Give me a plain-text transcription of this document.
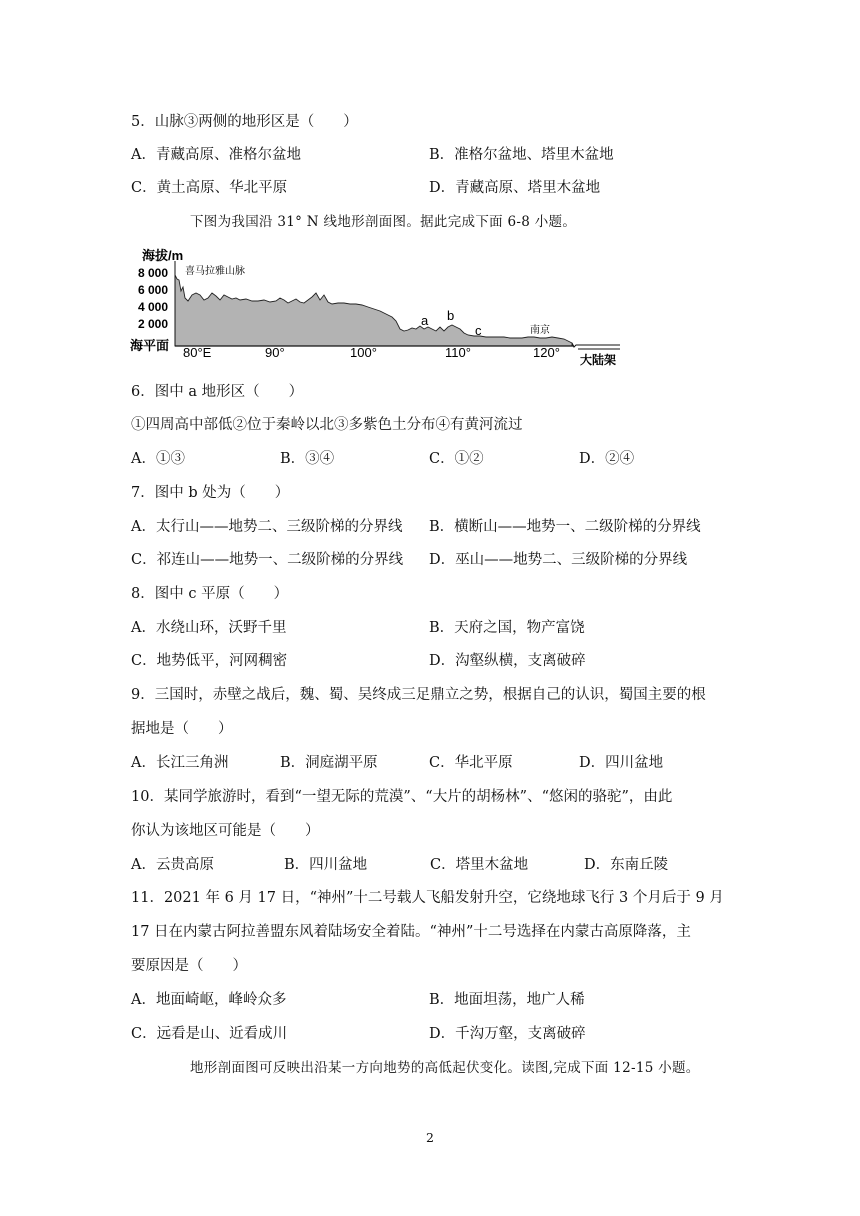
5．山脉③两侧的地形区是（　　）
A．青藏高原、准格尔盆地	B．准格尔盆地、塔里木盆地
C．黄土高原、华北平原	D．青藏高原、塔里木盆地
下图为我国沿 31° N 线地形剖面图。据此完成下面 6-8 小题。
海拔/m
8 000
6 000
4 000
2 000
海平面 80°E	90°	100°	110°	120°
喜马拉雅山脉
a b
c	南京
大陆架
6．图中 a 地形区（　　）
①四周高中部低②位于秦岭以北③多紫色土分布④有黄河流过
A．①③	B．③④	C．①②	D．②④
7．图中 b 处为（　　）
A．太行山——地势二、三级阶梯的分界线 B．横断山——地势一、二级阶梯的分界线
C．祁连山——地势一、二级阶梯的分界线 D．巫山——地势二、三级阶梯的分界线
8．图中 c 平原（　　）
A．水绕山环，沃野千里	B．天府之国，物产富饶
C．地势低平，河网稠密	D．沟壑纵横，支离破碎
9．三国时，赤壁之战后，魏、蜀、吴终成三足鼎立之势，根据自己的认识，蜀国主要的根
据地是（　　）
A．长江三角洲	B．洞庭湖平原	C．华北平原	D．四川盆地
10．某同学旅游时，看到“一望无际的荒漠”、“大片的胡杨林”、“悠闲的骆驼”，由此
你认为该地区可能是（　　）
A．云贵高原	B．四川盆地	C．塔里木盆地	D．东南丘陵
11．2021 年 6 月 17 日，“神州”十二号载人飞船发射升空，它绕地球飞行 3 个月后于 9 月
17 日在内蒙古阿拉善盟东风着陆场安全着陆。“神州”十二号选择在内蒙古高原降落，主
要原因是（　　）
A．地面崎岖，峰岭众多	B．地面坦荡，地广人稀
C．远看是山、近看成川	D．千沟万壑，支离破碎
地形剖面图可反映出沿某一方向地势的高低起伏变化。读图,完成下面 12-15 小题。
2
